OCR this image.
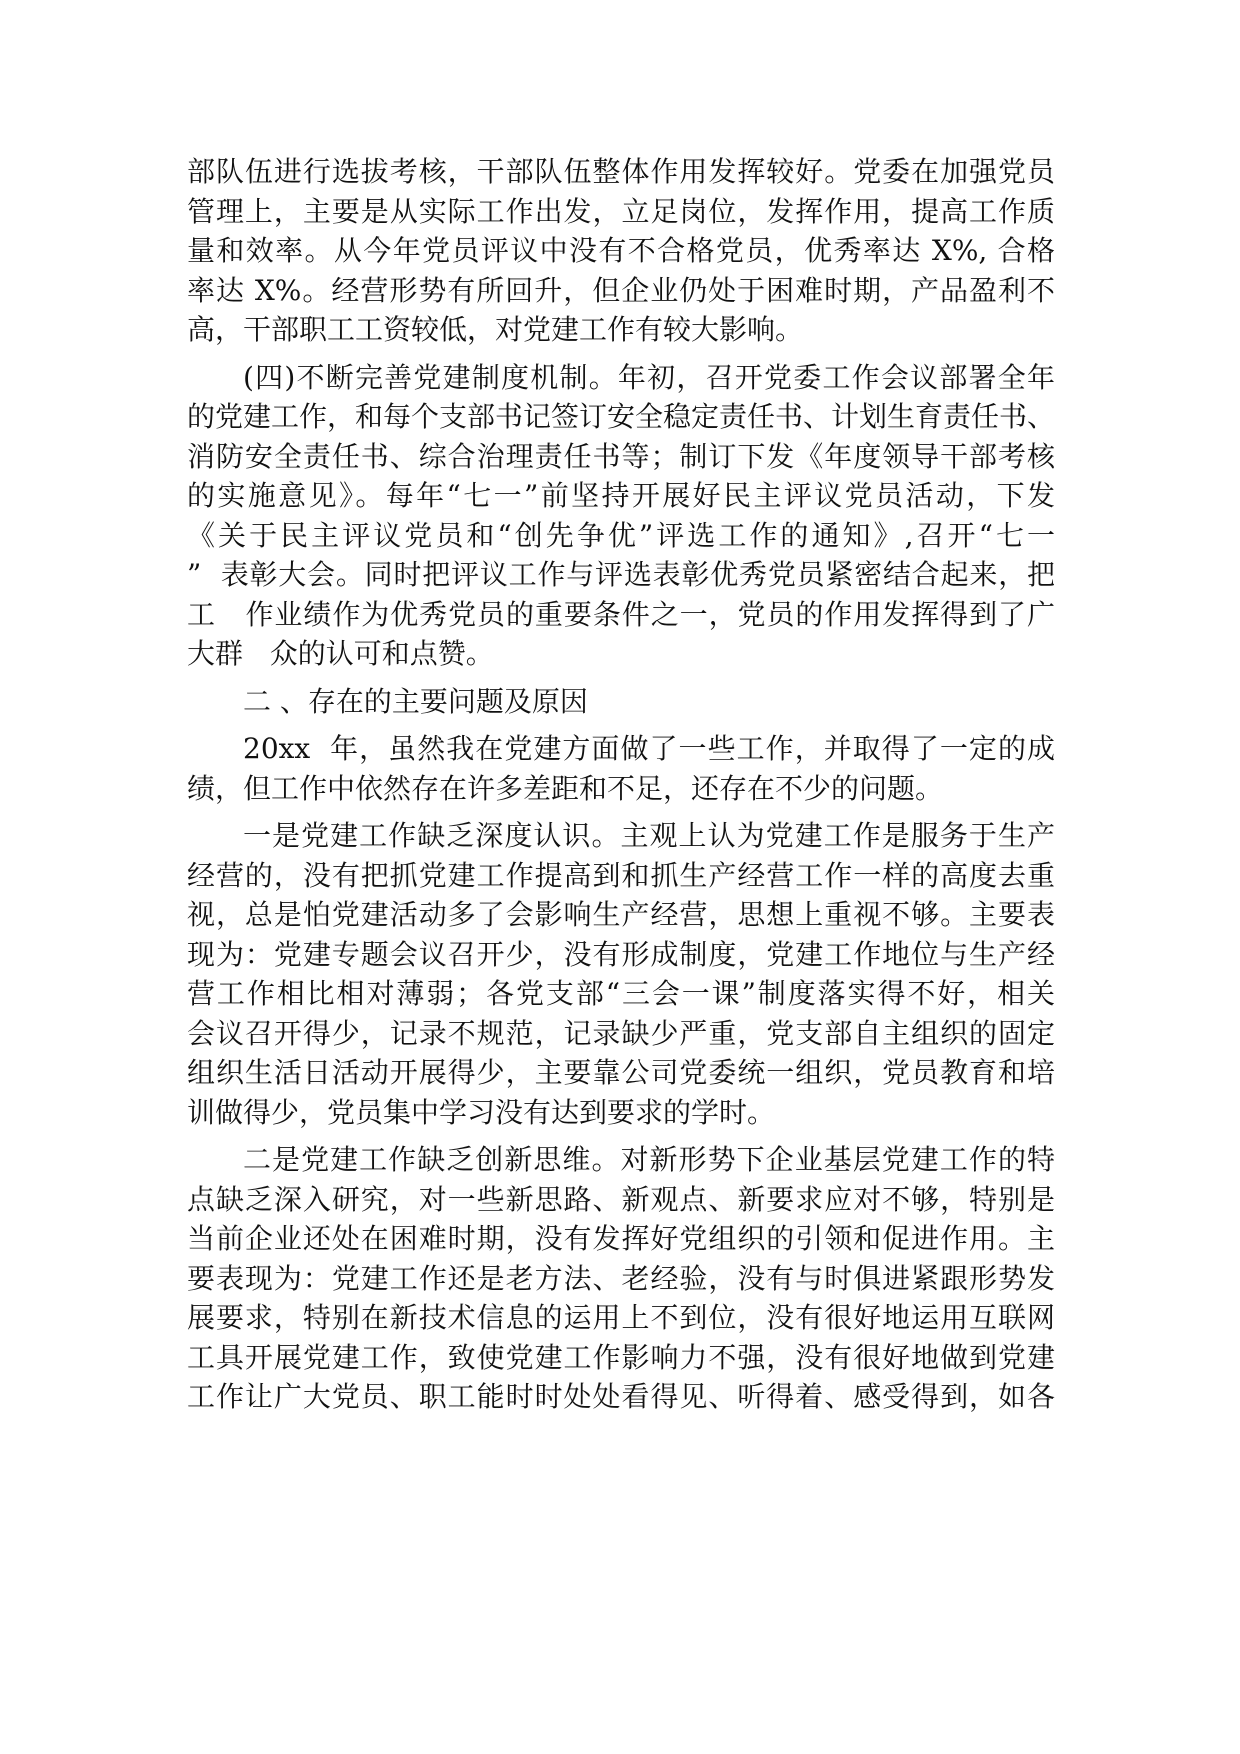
部队伍进行选拔考核，干部队伍整体作用发挥较好。党委在加强党员
管理上，主要是从实际工作出发，立足岗位，发挥作用，提高工作质
量和效率。从今年党员评议中没有不合格党员，优秀率达 X%, 合格
率达 X%。经营形势有所回升，但企业仍处于困难时期，产品盈利不
高，干部职工工资较低，对党建工作有较大影响。
(四)不断完善党建制度机制。年初，召开党委工作会议部署全年
的党建工作，和每个支部书记签订安全稳定责任书、计划生育责任书、
消防安全责任书、综合治理责任书等；制订下发《年度领导干部考核
的实施意见》。每年“七一”前坚持开展好民主评议党员活动，下发
《关于民主评议党员和“创先争优”评选工作的通知》,召开“七一
”  表彰大会。同时把评议工作与评选表彰优秀党员紧密结合起来，把
工   作业绩作为优秀党员的重要条件之一，党员的作用发挥得到了广
大群   众的认可和点赞。
二 、存在的主要问题及原因
20xx  年，虽然我在党建方面做了一些工作，并取得了一定的成
绩，但工作中依然存在许多差距和不足，还存在不少的问题。
一是党建工作缺乏深度认识。主观上认为党建工作是服务于生产
经营的，没有把抓党建工作提高到和抓生产经营工作一样的高度去重
视，总是怕党建活动多了会影响生产经营，思想上重视不够。主要表
现为：党建专题会议召开少，没有形成制度，党建工作地位与生产经
营工作相比相对薄弱；各党支部“三会一课”制度落实得不好，相关
会议召开得少，记录不规范，记录缺少严重，党支部自主组织的固定
组织生活日活动开展得少，主要靠公司党委统一组织，党员教育和培
训做得少，党员集中学习没有达到要求的学时。
二是党建工作缺乏创新思维。对新形势下企业基层党建工作的特
点缺乏深入研究，对一些新思路、新观点、新要求应对不够，特别是
当前企业还处在困难时期，没有发挥好党组织的引领和促进作用。主
要表现为：党建工作还是老方法、老经验，没有与时俱进紧跟形势发
展要求，特别在新技术信息的运用上不到位，没有很好地运用互联网
工具开展党建工作，致使党建工作影响力不强，没有很好地做到党建
工作让广大党员、职工能时时处处看得见、听得着、感受得到，如各
